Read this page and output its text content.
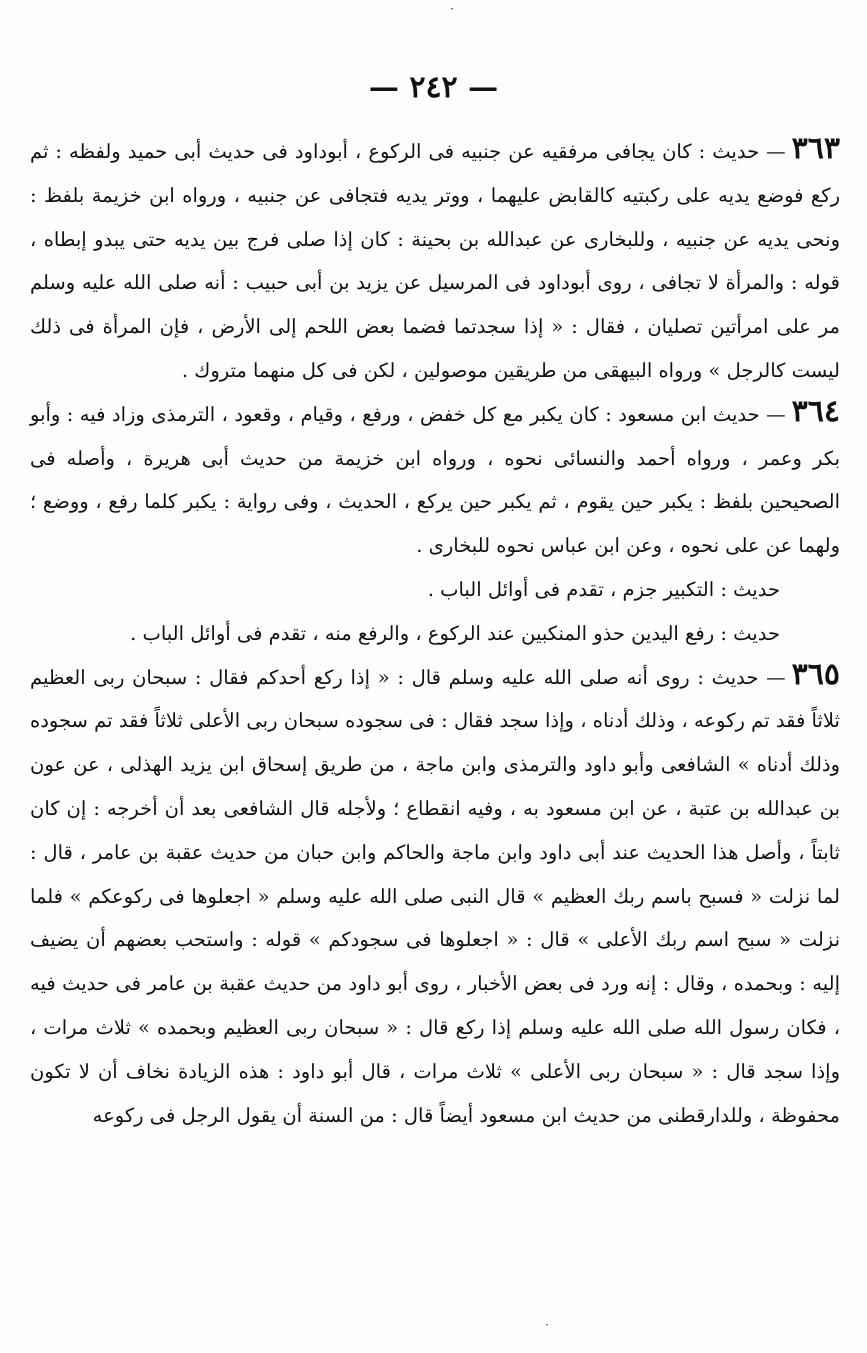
— ٢٤٢ —

٣٦٣— حديث : كان يجافى مرفقيه عن جنبيه فى الركوع ، أبوداود فى حديث أبى حميد ولفظه : ثم ركع فوضع يديه على ركبتيه كالقابض عليهما ، ووتر يديه فتجافى عن جنبيه ، ورواه ابن خزيمة بلفظ : ونحى يديه عن جنبيه ، وللبخارى عن عبدالله بن بحينة : كان إذا صلى فرج بين يديه حتى يبدو إبطاه ، قوله : والمرأة لا تجافى ، روى أبوداود فى المرسيل عن يزيد بن أبى حبيب : أنه صلى الله عليه وسلم مر على امرأتين تصليان ، فقال : « إذا سجدتما فضما بعض اللحم إلى الأرض ، فإن المرأة فى ذلك ليست كالرجل » ورواه البيهقى من طريقين موصولين ، لكن فى كل منهما متروك .

٣٦٤— حديث ابن مسعود : كان يكبر مع كل خفض ، ورفع ، وقيام ، وقعود ، الترمذى وزاد فيه : وأبو بكر وعمر ، ورواه أحمد والنسائى نحوه ، ورواه ابن خزيمة من حديث أبى هريرة ، وأصله فى الصحيحين بلفظ : يكبر حين يقوم ، ثم يكبر حين يركع ، الحديث ، وفى رواية : يكبر كلما رفع ، ووضع ؛ ولهما عن على نحوه ، وعن ابن عباس نحوه للبخارى .

حديث : التكبير جزم ، تقدم فى أوائل الباب .

حديث : رفع اليدين حذو المنكبين عند الركوع ، والرفع منه ، تقدم فى أوائل الباب .

٣٦٥— حديث : روى أنه صلى الله عليه وسلم قال : « إذا ركع أحدكم فقال : سبحان ربى العظيم ثلاثاً فقد تم ركوعه ، وذلك أدناه ، وإذا سجد فقال : فى سجوده سبحان ربى الأعلى ثلاثاً فقد تم سجوده وذلك أدناه » الشافعى وأبو داود والترمذى وابن ماجة ، من طريق إسحاق ابن يزيد الهذلى ، عن عون بن عبدالله بن عتبة ، عن ابن مسعود به ، وفيه انقطاع ؛ ولأجله قال الشافعى بعد أن أخرجه : إن كان ثابتاً ، وأصل هذا الحديث عند أبى داود وابن ماجة والحاكم وابن حبان من حديث عقبة بن عامر ، قال : لما نزلت « فسبح باسم ربك العظيم » قال النبى صلى الله عليه وسلم « اجعلوها فى ركوعكم » فلما نزلت « سبح اسم ربك الأعلى » قال : « اجعلوها فى سجودكم » قوله : واستحب بعضهم أن يضيف إليه : وبحمده ، وقال : إنه ورد فى بعض الأخبار ، روى أبو داود من حديث عقبة بن عامر فى حديث فيه ، فكان رسول الله صلى الله عليه وسلم إذا ركع قال : « سبحان ربى العظيم وبحمده » ثلاث مرات ، وإذا سجد قال : « سبحان ربى الأعلى » ثلاث مرات ، قال أبو داود : هذه الزيادة نخاف أن لا تكون محفوظة ، وللدارقطنى من حديث ابن مسعود أيضاً قال : من السنة أن يقول الرجل فى ركوعه

·
·
